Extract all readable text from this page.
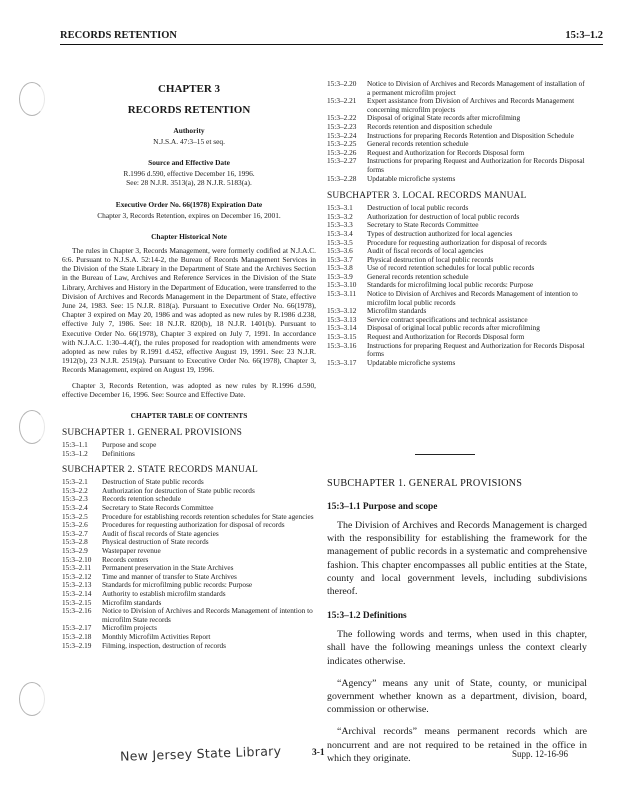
RECORDS RETENTION	15:3–1.2
CHAPTER 3
RECORDS RETENTION
Authority
N.J.S.A. 47:3–15 et seq.
Source and Effective Date
R.1996 d.590, effective December 16, 1996.
See: 28 N.J.R. 3513(a), 28 N.J.R. 5183(a).
Executive Order No. 66(1978) Expiration Date
Chapter 3, Records Retention, expires on December 16, 2001.
Chapter Historical Note
The rules in Chapter 3, Records Management, were formerly codified at N.J.A.C. 6:6. Pursuant to N.J.S.A. 52:14-2, the Bureau of Records Management Services in the Division of the State Library in the Department of State and the Archives Section in the Bureau of Law, Archives and Reference Services in the Division of the State Library, Archives and History in the Department of Education, were transferred to the Division of Archives and Records Management in the Department of State, effective June 24, 1983. See: 15 N.J.R. 818(a). Pursuant to Executive Order No. 66(1978), Chapter 3 expired on May 20, 1986 and was adopted as new rules by R.1986 d.238, effective July 7, 1986. See: 18 N.J.R. 820(b), 18 N.J.R. 1401(b). Pursuant to Executive Order No. 66(1978), Chapter 3 expired on July 7, 1991. In accordance with N.J.A.C. 1:30–4.4(f), the rules proposed for readoption with amendments were adopted as new rules by R.1991 d.452, effective August 19, 1991. See: 23 N.J.R. 1912(b), 23 N.J.R. 2519(a). Pursuant to Executive Order No. 66(1978), Chapter 3, Records Management, expired on August 19, 1996.
Chapter 3, Records Retention, was adopted as new rules by R.1996 d.590, effective December 16, 1996. See: Source and Effective Date.
CHAPTER TABLE OF CONTENTS
SUBCHAPTER 1. GENERAL PROVISIONS
15:3–1.1	Purpose and scope
15:3–1.2	Definitions
SUBCHAPTER 2. STATE RECORDS MANUAL
15:3–2.1	Destruction of State public records
15:3–2.2	Authorization for destruction of State public records
15:3–2.3	Records retention schedule
15:3–2.4	Secretary to State Records Committee
15:3–2.5	Procedure for establishing records retention schedules for State agencies
15:3–2.6	Procedures for requesting authorization for disposal of records
15:3–2.7	Audit of fiscal records of State agencies
15:3–2.8	Physical destruction of State records
15:3–2.9	Wastepaper revenue
15:3–2.10	Records centers
15:3–2.11	Permanent preservation in the State Archives
15:3–2.12	Time and manner of transfer to State Archives
15:3–2.13	Standards for microfilming public records: Purpose
15:3–2.14	Authority to establish microfilm standards
15:3–2.15	Microfilm standards
15:3–2.16	Notice to Division of Archives and Records Management of intention to microfilm State records
15:3–2.17	Microfilm projects
15:3–2.18	Monthly Microfilm Activities Report
15:3–2.19	Filming, inspection, destruction of records
15:3–2.20	Notice to Division of Archives and Records Management of installation of a permanent microfilm project
15:3–2.21	Expert assistance from Division of Archives and Records Management concerning microfilm projects
15:3–2.22	Disposal of original State records after microfilming
15:3–2.23	Records retention and disposition schedule
15:3–2.24	Instructions for preparing Records Retention and Disposition Schedule
15:3–2.25	General records retention schedule
15:3–2.26	Request and Authorization for Records Disposal form
15:3–2.27	Instructions for preparing Request and Authorization for Records Disposal forms
15:3–2.28	Updatable microfiche systems
SUBCHAPTER 3. LOCAL RECORDS MANUAL
15:3–3.1	Destruction of local public records
15:3–3.2	Authorization for destruction of local public records
15:3–3.3	Secretary to State Records Committee
15:3–3.4	Types of destruction authorized for local agencies
15:3–3.5	Procedure for requesting authorization for disposal of records
15:3–3.6	Audit of fiscal records of local agencies
15:3–3.7	Physical destruction of local public records
15:3–3.8	Use of record retention schedules for local public records
15:3–3.9	General records retention schedule
15:3–3.10	Standards for microfilming local public records: Purpose
15:3–3.11	Notice to Division of Archives and Records Management of intention to microfilm local public records
15:3–3.12	Microfilm standards
15:3–3.13	Service contract specifications and technical assistance
15:3–3.14	Disposal of original local public records after microfilming
15:3–3.15	Request and Authorization for Records Disposal form
15:3–3.16	Instructions for preparing Request and Authorization for Records Disposal forms
15:3–3.17	Updatable microfiche systems
SUBCHAPTER 1. GENERAL PROVISIONS
15:3–1.1 Purpose and scope
The Division of Archives and Records Management is charged with the responsibility for establishing the framework for the management of public records in a systematic and comprehensive fashion. This chapter encompasses all public entities at the State, county and local government levels, including subdivisions thereof.
15:3–1.2 Definitions
The following words and terms, when used in this chapter, shall have the following meanings unless the context clearly indicates otherwise.
“Agency” means any unit of State, county, or municipal government whether known as a department, division, board, commission or otherwise.
“Archival records” means permanent records which are noncurrent and are not required to be retained in the office in which they originate.
New Jersey State Library	3-1	Supp. 12-16-96
